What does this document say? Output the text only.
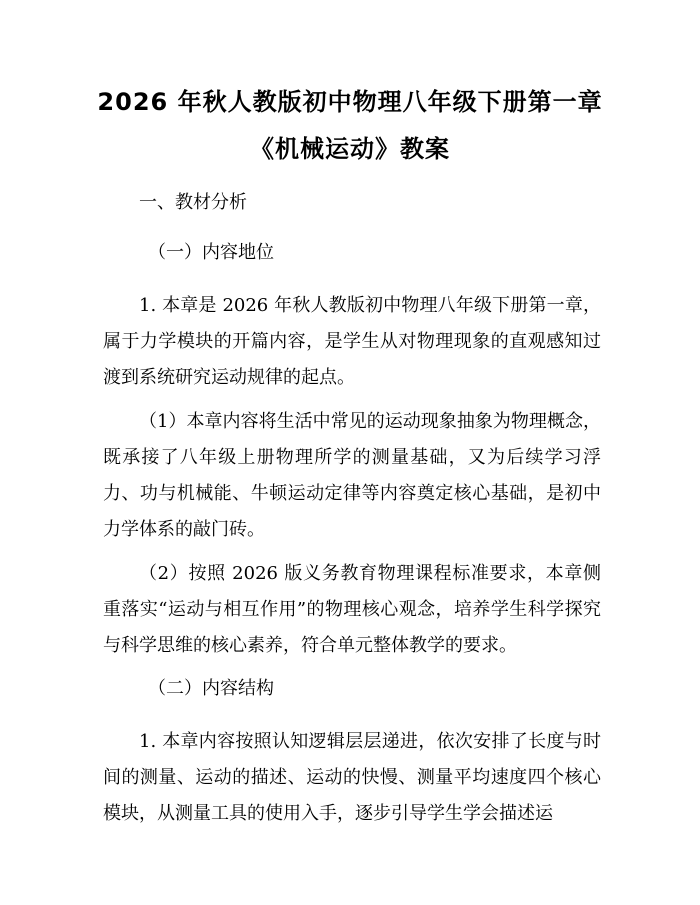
2026 年秋人教版初中物理八年级下册第一章
《机械运动》教案
一、教材分析
（一）内容地位

1. 本章是 2026 年秋人教版初中物理八年级下册第一章，属于力学模块的开篇内容，是学生从对物理现象的直观感知过渡到系统研究运动规律的起点。

（1）本章内容将生活中常见的运动现象抽象为物理概念，既承接了八年级上册物理所学的测量基础，又为后续学习浮力、功与机械能、牛顿运动定律等内容奠定核心基础，是初中力学体系的敲门砖。

（2）按照 2026 版义务教育物理课程标准要求，本章侧重落实“运动与相互作用”的物理核心观念，培养学生科学探究与科学思维的核心素养，符合单元整体教学的要求。

（二）内容结构

1. 本章内容按照认知逻辑层层递进，依次安排了长度与时间的测量、运动的描述、运动的快慢、测量平均速度四个核心模块，从测量工具的使用入手，逐步引导学生学会描述运
